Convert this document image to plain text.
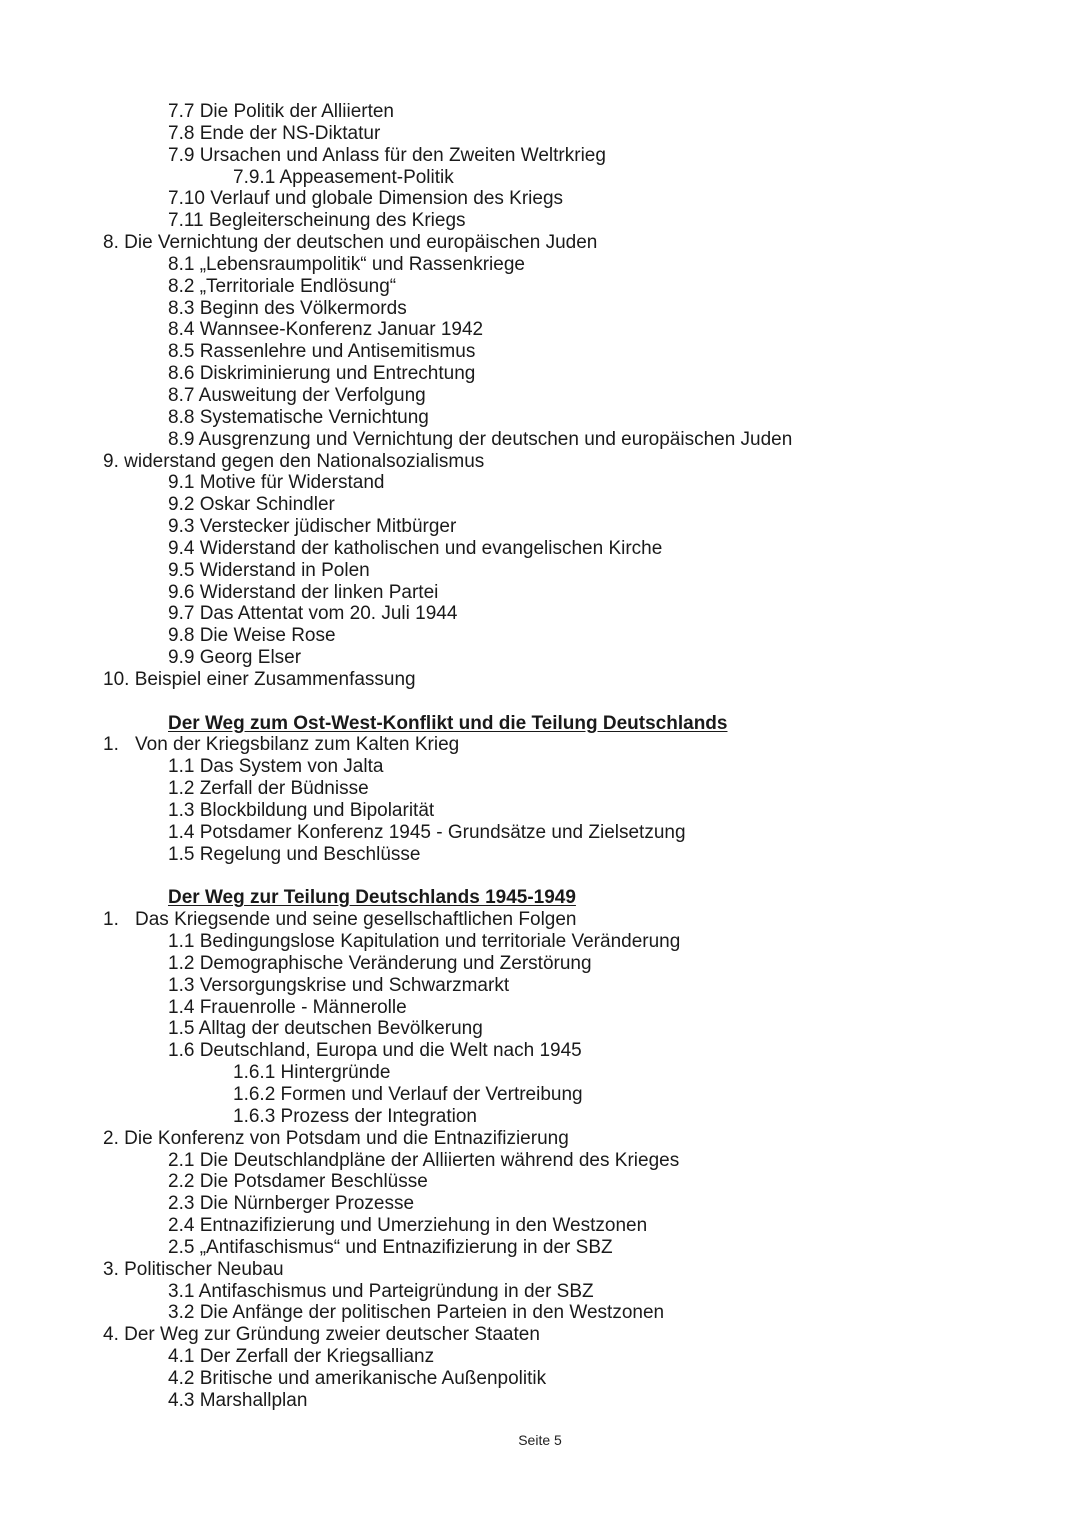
7.7 Die Politik der Alliierten
7.8 Ende der NS-Diktatur
7.9 Ursachen und Anlass für den Zweiten Weltrkrieg
7.9.1 Appeasement-Politik
7.10 Verlauf und globale Dimension des Kriegs
7.11 Begleiterscheinung des Kriegs
8. Die Vernichtung der deutschen und europäischen Juden
8.1 „Lebensraumpolitik“ und Rassenkriege
8.2 „Territoriale Endlösung“
8.3 Beginn des Völkermords
8.4 Wannsee-Konferenz Januar 1942
8.5 Rassenlehre und Antisemitismus
8.6 Diskriminierung und Entrechtung
8.7 Ausweitung der Verfolgung
8.8 Systematische Vernichtung
8.9 Ausgrenzung und Vernichtung der deutschen und europäischen Juden
9. widerstand gegen den Nationalsozialismus
9.1 Motive für Widerstand
9.2 Oskar Schindler
9.3 Verstecker jüdischer Mitbürger
9.4 Widerstand der katholischen und evangelischen Kirche
9.5 Widerstand in Polen
9.6 Widerstand der linken Partei
9.7 Das Attentat vom 20. Juli 1944
9.8 Die Weise Rose
9.9 Georg Elser
10. Beispiel einer Zusammenfassung
Der Weg zum Ost-West-Konflikt und die Teilung Deutschlands
1. Von der Kriegsbilanz zum Kalten Krieg
1.1 Das System von Jalta
1.2 Zerfall der Büdnisse
1.3 Blockbildung und Bipolarität
1.4 Potsdamer Konferenz 1945 - Grundsätze und Zielsetzung
1.5 Regelung und Beschlüsse
Der Weg zur Teilung Deutschlands 1945-1949
1. Das Kriegsende und seine gesellschaftlichen Folgen
1.1 Bedingungslose Kapitulation und territoriale Veränderung
1.2 Demographische Veränderung und Zerstörung
1.3 Versorgungskrise und Schwarzmarkt
1.4 Frauenrolle - Männerolle
1.5 Alltag der deutschen Bevölkerung
1.6 Deutschland, Europa und die Welt nach 1945
1.6.1 Hintergründe
1.6.2 Formen und Verlauf der Vertreibung
1.6.3 Prozess der Integration
2. Die Konferenz von Potsdam und die Entnazifizierung
2.1 Die Deutschlandpläne der Alliierten während des Krieges
2.2 Die Potsdamer Beschlüsse
2.3 Die Nürnberger Prozesse
2.4 Entnazifizierung und Umerziehung in den Westzonen
2.5 „Antifaschismus“ und Entnazifizierung in der SBZ
3. Politischer Neubau
3.1 Antifaschismus und Parteigründung in der SBZ
3.2 Die Anfänge der politischen Parteien in den Westzonen
4. Der Weg zur Gründung zweier deutscher Staaten
4.1 Der Zerfall der Kriegsallianz
4.2 Britische und amerikanische Außenpolitik
4.3 Marshallplan
Seite 5
